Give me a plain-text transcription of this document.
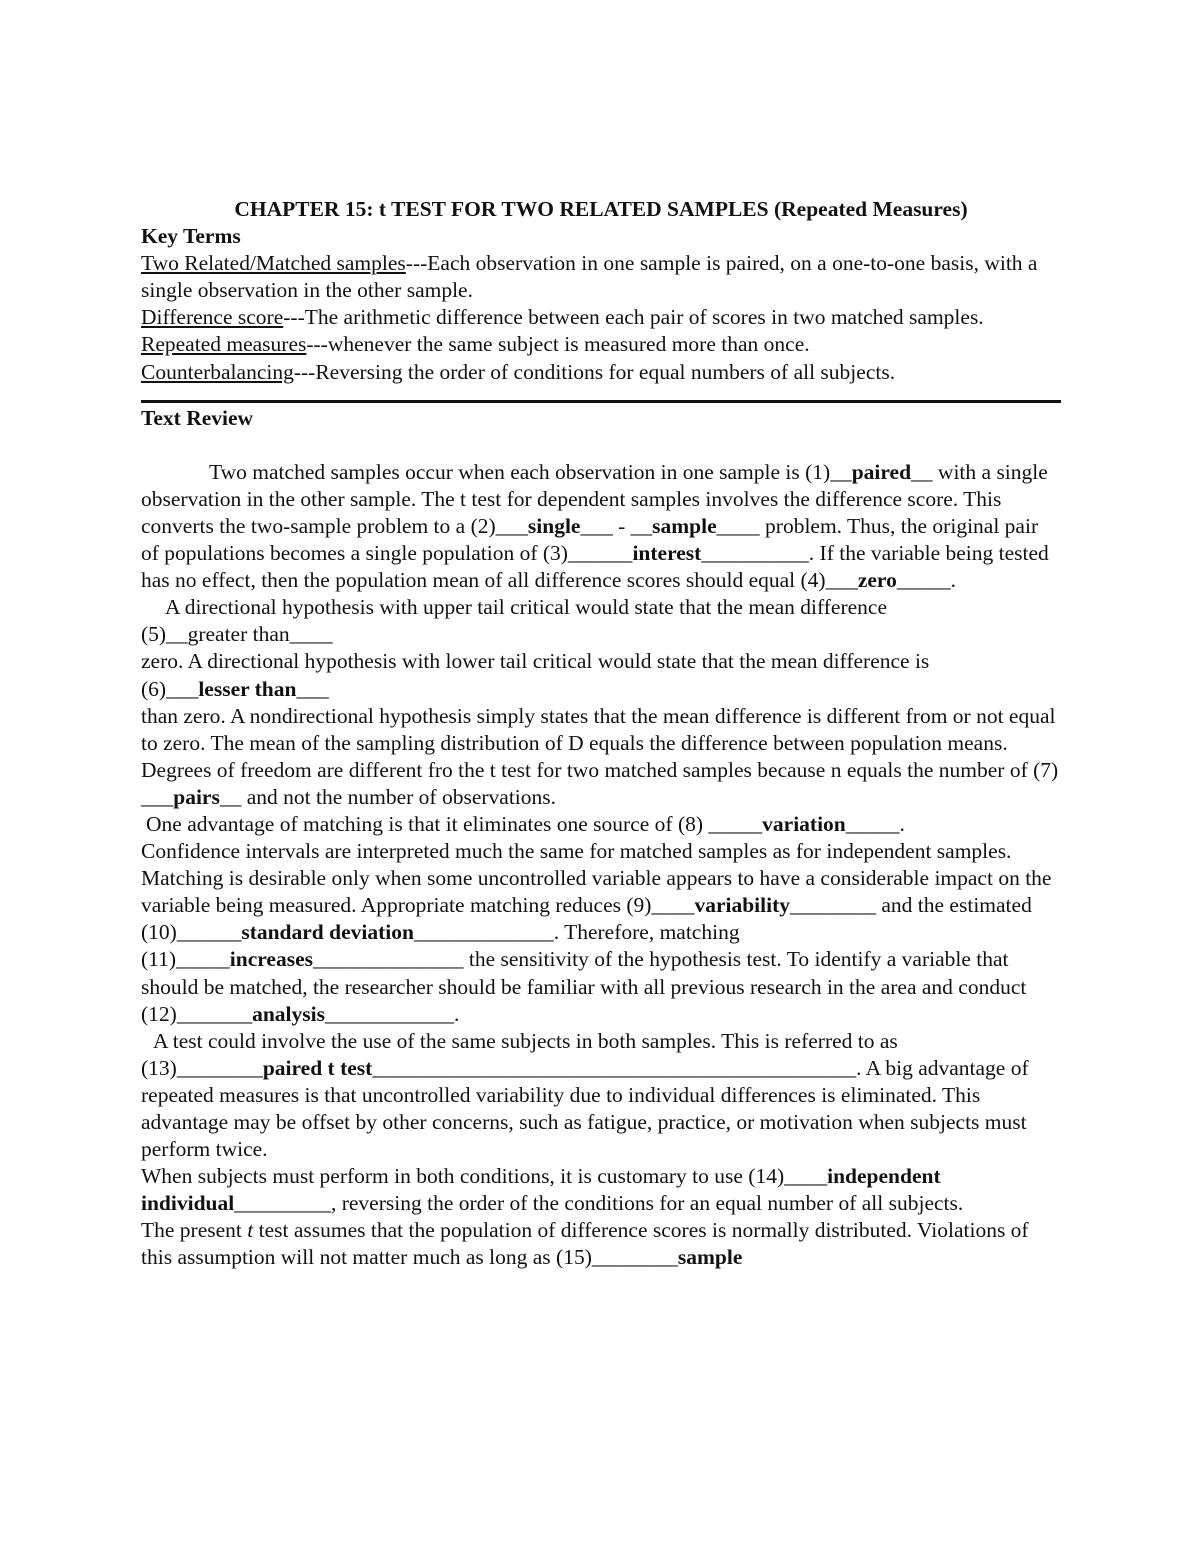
CHAPTER 15: t TEST FOR TWO RELATED SAMPLES (Repeated Measures)

Key Terms

Two Related/Matched samples---Each observation in one sample is paired, on a one-to-one basis, with a single observation in the other sample.

Difference score---The arithmetic difference between each pair of scores in two matched samples.

Repeated measures---whenever the same subject is measured more than once.

Counterbalancing---Reversing the order of conditions for equal numbers of all subjects.

Text Review

Two matched samples occur when each observation in one sample is (1)__paired__ with a single observation in the other sample. The t test for dependent samples involves the difference score. This converts the two-sample problem to a (2)___single___ - __sample____ problem. Thus, the original pair of populations becomes a single population of (3)______interest__________. If the variable being tested has no effect, then the population mean of all difference scores should equal (4)___zero_____.

A directional hypothesis with upper tail critical would state that the mean difference

(5)__greater than____

zero. A directional hypothesis with lower tail critical would state that the mean difference is

(6)___lesser than___

than zero. A nondirectional hypothesis simply states that the mean difference is different from or not equal to zero. The mean of the sampling distribution of D equals the difference between population means.

Degrees of freedom are different fro the t test for two matched samples because n equals the number of (7) ___pairs__ and not the number of observations.

One advantage of matching is that it eliminates one source of (8) _____variation_____.

Confidence intervals are interpreted much the same for matched samples as for independent samples.

Matching is desirable only when some uncontrolled variable appears to have a considerable impact on the variable being measured. Appropriate matching reduces (9)____variability________ and the estimated (10)______standard deviation_____________. Therefore, matching (11)_____increases______________ the sensitivity of the hypothesis test. To identify a variable that should be matched, the researcher should be familiar with all previous research in the area and conduct (12)_______analysis____________.

A test could involve the use of the same subjects in both samples. This is referred to as (13)________paired t test_____________________________________________. A big advantage of repeated measures is that uncontrolled variability due to individual differences is eliminated. This advantage may be offset by other concerns, such as fatigue, practice, or motivation when subjects must perform twice.

When subjects must perform in both conditions, it is customary to use (14)____independent individual_________, reversing the order of the conditions for an equal number of all subjects.

The present t test assumes that the population of difference scores is normally distributed. Violations of this assumption will not matter much as long as (15)________sample
